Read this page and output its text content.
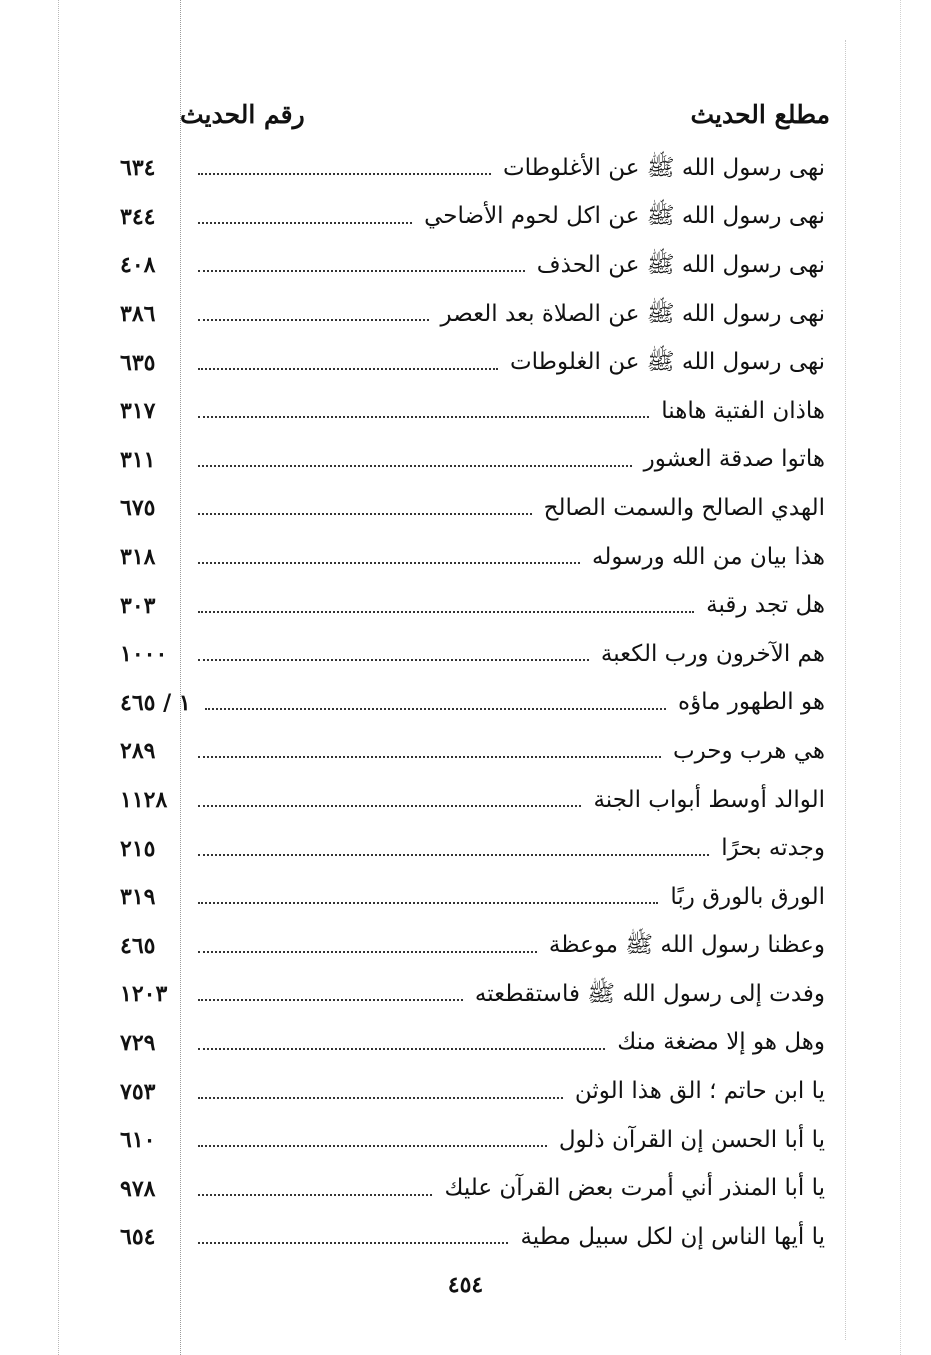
مطلع الحديث
رقم الحديث
نهى رسول الله ﷺ عن الأغلوطات
٦٣٤
نهى رسول الله ﷺ عن اكل لحوم الأضاحي
٣٤٤
نهى رسول الله ﷺ عن الحذف
٤٠٨
نهى رسول الله ﷺ عن الصلاة بعد العصر
٣٨٦
نهى رسول الله ﷺ عن الغلوطات
٦٣٥
هاذان الفتية هاهنا
٣١٧
هاتوا صدقة العشور
٣١١
الهدي الصالح والسمت الصالح
٦٧٥
هذا بيان من الله ورسوله
٣١٨
هل تجد رقبة
٣٠٣
هم الآخرون ورب الكعبة
١٠٠٠
هو الطهور ماؤه
١ / ٤٦٥
هي هرب وحرب
٢٨٩
الوالد أوسط أبواب الجنة
١١٢٨
وجدته بحرًا
٢١٥
الورق بالورق ربًا
٣١٩
وعظنا رسول الله ﷺ موعظة
٤٦٥
وفدت إلى رسول الله ﷺ فاستقطعته
١٢٠٣
وهل هو إلا مضغة منك
٧٢٩
يا ابن حاتم ؛ الق هذا الوثن
٧٥٣
يا أبا الحسن إن القرآن ذلول
٦١٠
يا أبا المنذر أني أمرت بعض القرآن عليك
٩٧٨
يا أيها الناس إن لكل سبيل مطية
٦٥٤
٤٥٤
